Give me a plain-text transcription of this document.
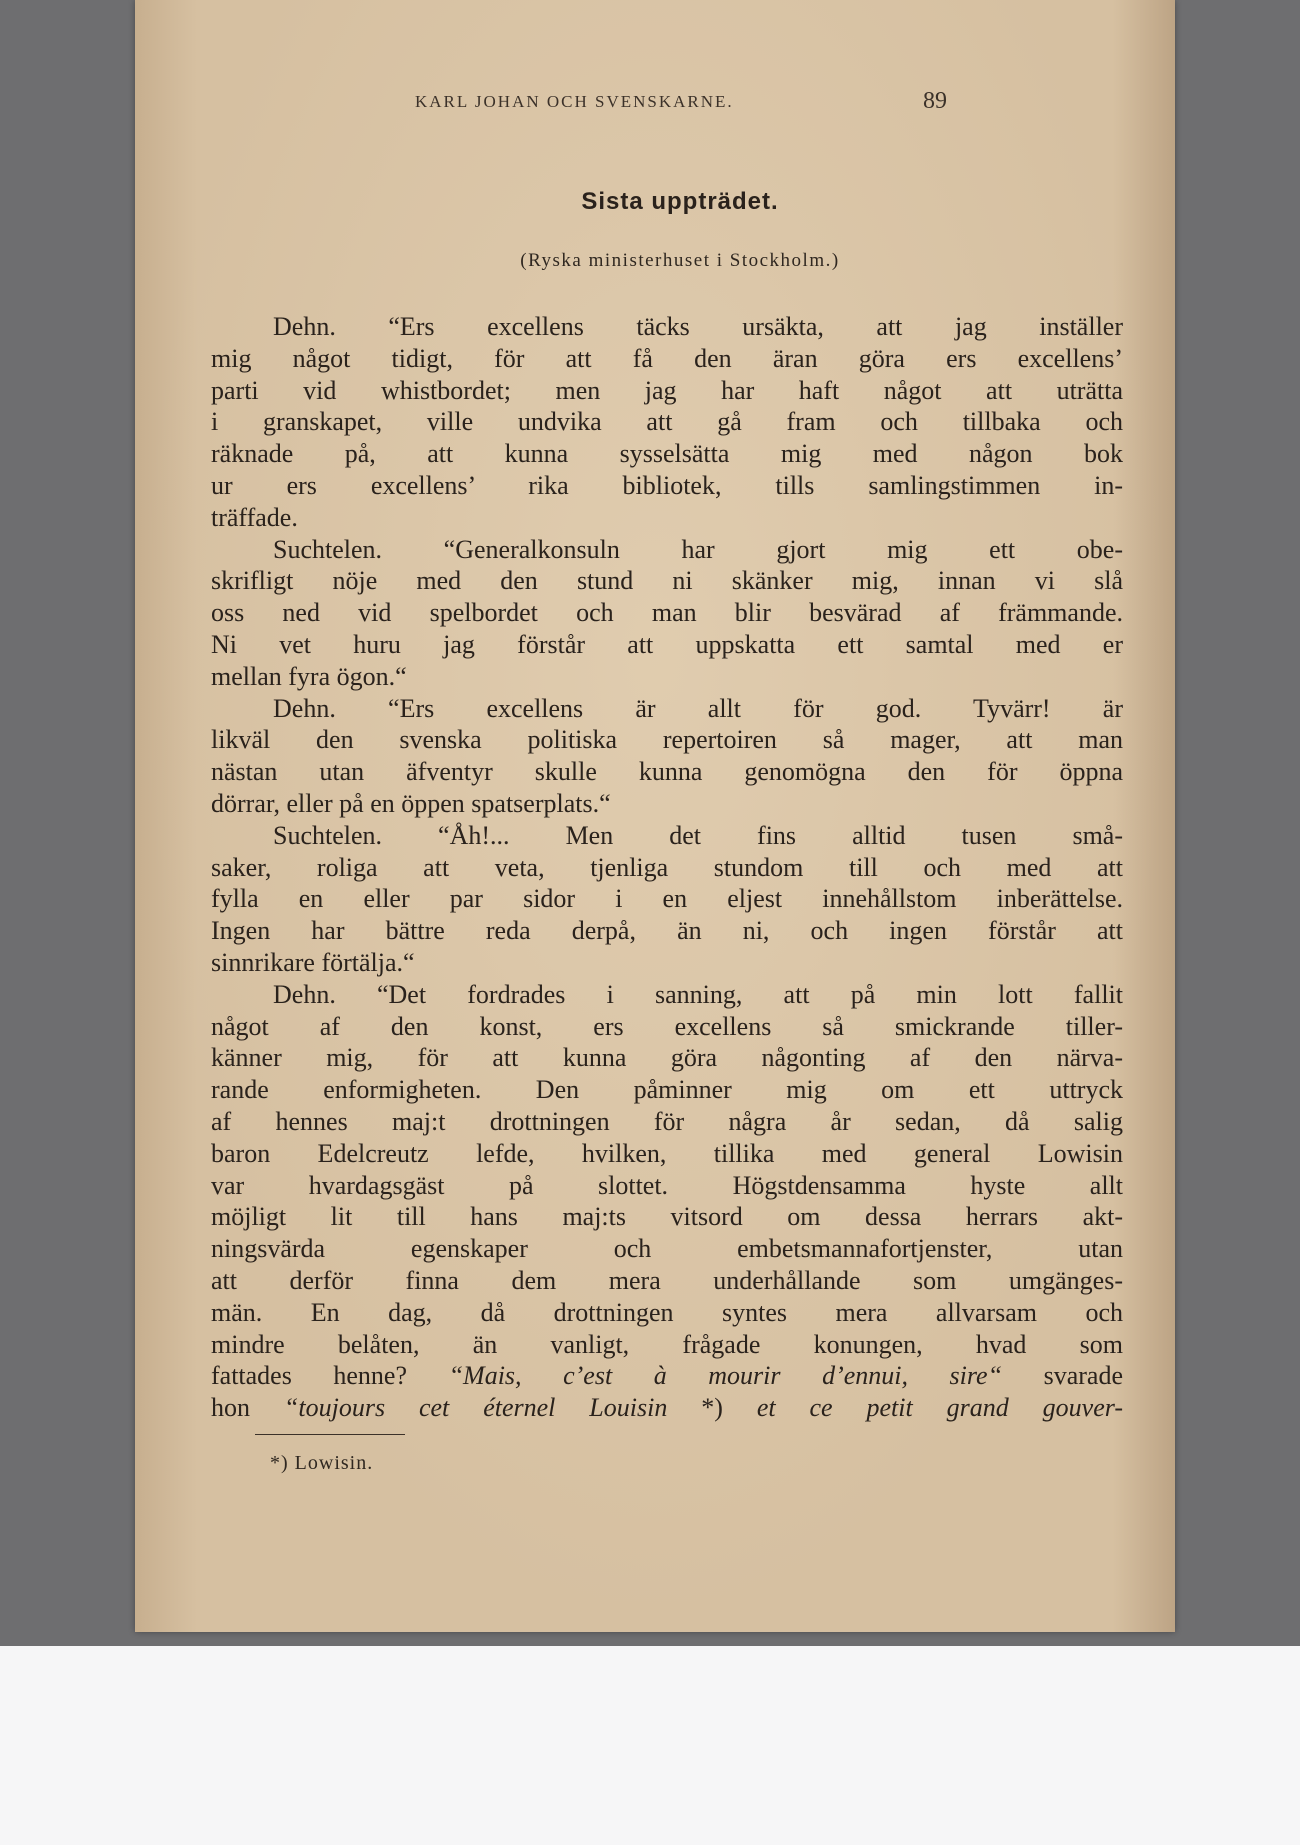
KARL JOHAN OCH SVENSKARNE.	89
Sista uppträdet.
(Ryska ministerhuset i Stockholm.)
Dehn. “Ers excellens täcks ursäkta, att jag inställer
mig något tidigt, för att få den äran göra ers excellens’
parti vid whistbordet; men jag har haft något att uträtta
i granskapet, ville undvika att gå fram och tillbaka och
räknade på, att kunna sysselsätta mig med någon bok
ur ers excellens’ rika bibliotek, tills samlingstimmen in-
träffade.
Suchtelen. “Generalkonsuln har gjort mig ett obe-
skrifligt nöje med den stund ni skänker mig, innan vi slå
oss ned vid spelbordet och man blir besvärad af främmande.
Ni vet huru jag förstår att uppskatta ett samtal med er
mellan fyra ögon.“
Dehn. “Ers excellens är allt för god. Tyvärr! är
likväl den svenska politiska repertoiren så mager, att man
nästan utan äfventyr skulle kunna genomögna den för öppna
dörrar, eller på en öppen spatserplats.“
Suchtelen. “Åh!... Men det fins alltid tusen små-
saker, roliga att veta, tjenliga stundom till och med att
fylla en eller par sidor i en eljest innehållstom inberättelse.
Ingen har bättre reda derpå, än ni, och ingen förstår att
sinnrikare förtälja.“
Dehn. “Det fordrades i sanning, att på min lott fallit
något af den konst, ers excellens så smickrande tiller-
känner mig, för att kunna göra någonting af den närva-
rande enformigheten. Den påminner mig om ett uttryck
af hennes maj:t drottningen för några år sedan, då salig
baron Edelcreutz lefde, hvilken, tillika med general Lowisin
var hvardagsgäst på slottet. Högstdensamma hyste allt
möjligt lit till hans maj:ts vitsord om dessa herrars akt-
ningsvärda egenskaper och embetsmannafortjenster, utan
att derför finna dem mera underhållande som umgänges-
män. En dag, då drottningen syntes mera allvarsam och
mindre belåten, än vanligt, frågade konungen, hvad som
fattades henne? “Mais, c’est à mourir d’ennui, sire“ svarade
hon “toujours cet éternel Louisin *) et ce petit grand gouver-
*) Lowisin.
